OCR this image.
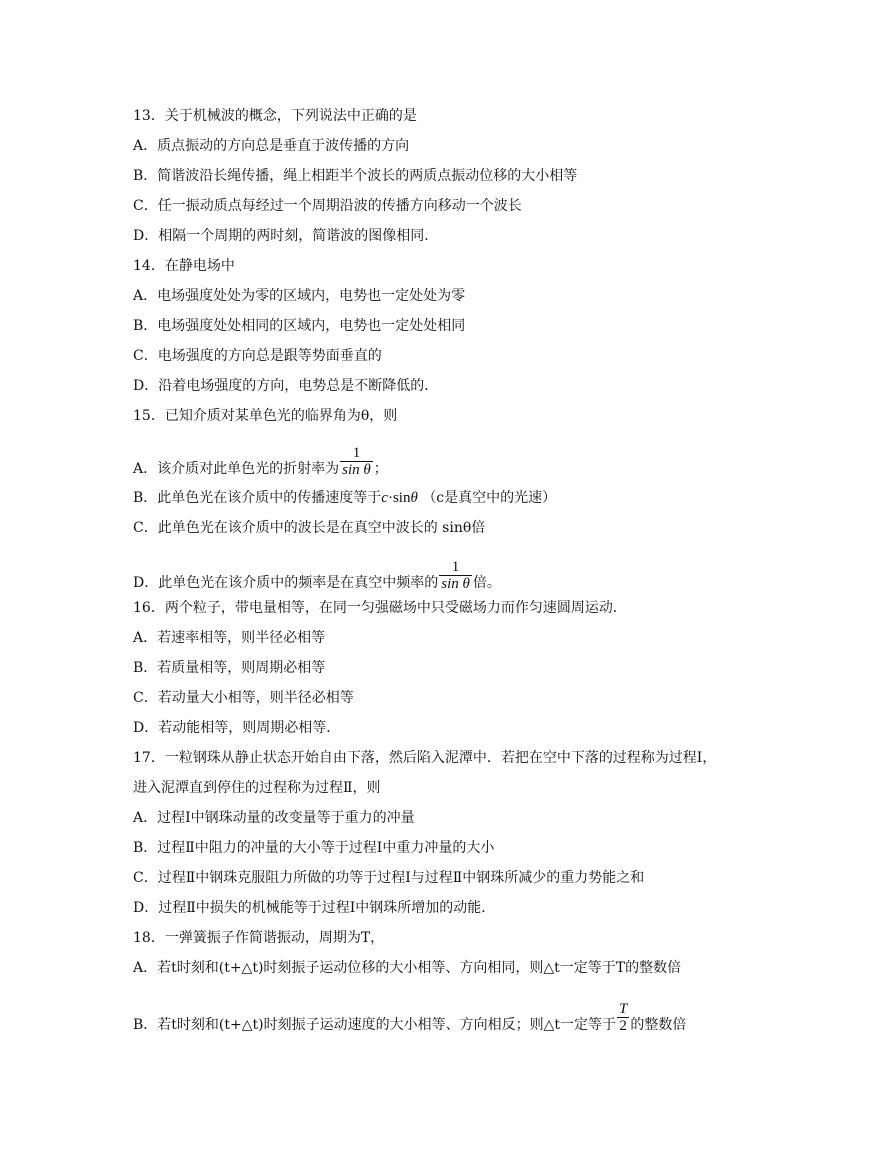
13．关于机械波的概念，下列说法中正确的是
A．质点振动的方向总是垂直于波传播的方向
B．简谐波沿长绳传播，绳上相距半个波长的两质点振动位移的大小相等
C．任一振动质点每经过一个周期沿波的传播方向移动一个波长
D．相隔一个周期的两时刻，简谐波的图像相同．
14．在静电场中
A．电场强度处处为零的区域内，电势也一定处处为零
B．电场强度处处相同的区域内，电势也一定处处相同
C．电场强度的方向总是跟等势面垂直的
D．沿着电场强度的方向，电势总是不断降低的．
15．已知介质对某单色光的临界角为θ，则
A．该介质对此单色光的折射率为 $\frac{1}{\text{sin θ}}$ ；
B．此单色光在该介质中的传播速度等于c·sinθ （c是真空中的光速）
C．此单色光在该介质中的波长是在真空中波长的 sinθ倍
D．此单色光在该介质中的频率是在真空中频率的 $\frac{1}{\text{sin θ}}$ 倍。
16．两个粒子，带电量相等，在同一匀强磁场中只受磁场力而作匀速圆周运动．
A．若速率相等，则半径必相等
B．若质量相等，则周期必相等
C．若动量大小相等，则半径必相等
D．若动能相等，则周期必相等．
17．一粒钢珠从静止状态开始自由下落，然后陷入泥潭中．若把在空中下落的过程称为过程Ⅰ，
进入泥潭直到停住的过程称为过程Ⅱ，则
A．过程Ⅰ中钢珠动量的改变量等于重力的冲量
B．过程Ⅱ中阻力的冲量的大小等于过程Ⅰ中重力冲量的大小
C．过程Ⅱ中钢珠克服阻力所做的功等于过程Ⅰ与过程Ⅱ中钢珠所减少的重力势能之和
D．过程Ⅱ中损失的机械能等于过程Ⅰ中钢珠所增加的动能．
18．一弹簧振子作简谐振动，周期为T，
A．若t时刻和(t+△t)时刻振子运动位移的大小相等、方向相同，则△t一定等于T的整数倍
B．若t时刻和(t+△t)时刻振子运动速度的大小相等、方向相反；则△t一定等于 $\frac{T}{2}$ 的整数倍
